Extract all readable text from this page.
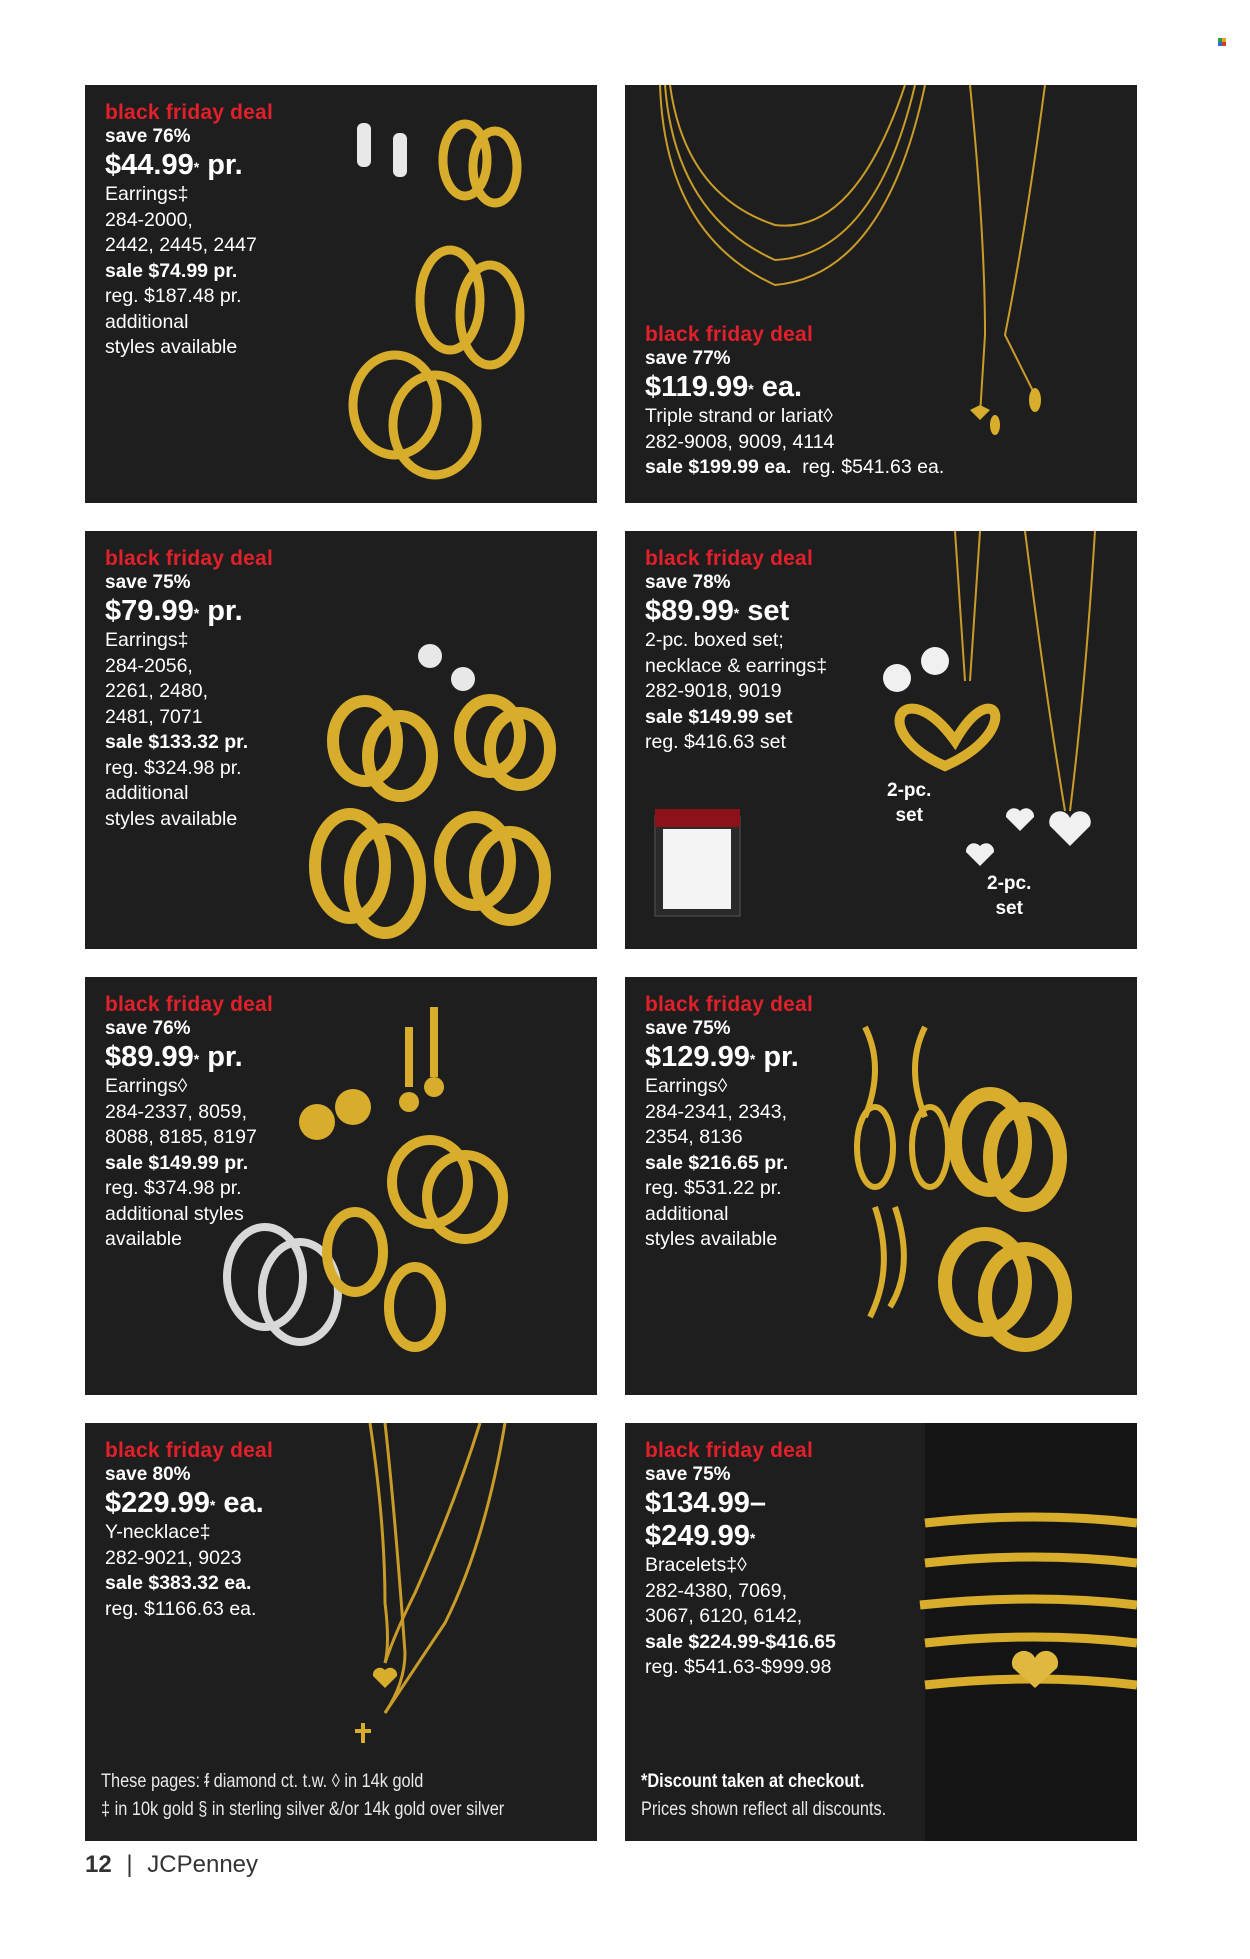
black friday deal
save 76%
$44.99* pr.
Earrings‡
284-2000,
2442, 2445, 2447
sale $74.99 pr.
reg. $187.48 pr.
additional
styles available
black friday deal
save 77%
$119.99* ea.
Triple strand or lariat◊
282-9008, 9009, 4114
sale $199.99 ea. reg. $541.63 ea.
black friday deal
save 75%
$79.99* pr.
Earrings‡
284-2056,
2261, 2480,
2481, 7071
sale $133.32 pr.
reg. $324.98 pr.
additional
styles available
black friday deal
save 78%
$89.99* set
2-pc. boxed set;
necklace & earrings‡
282-9018, 9019
sale $149.99 set
reg. $416.63 set
2-pc.
set
2-pc.
set
black friday deal
save 76%
$89.99* pr.
Earrings◊
284-2337, 8059,
8088, 8185, 8197
sale $149.99 pr.
reg. $374.98 pr.
additional styles
available
black friday deal
save 75%
$129.99* pr.
Earrings◊
284-2341, 2343,
2354, 8136
sale $216.65 pr.
reg. $531.22 pr.
additional
styles available
black friday deal
save 80%
$229.99* ea.
Y-necklace‡
282-9021, 9023
sale $383.32 ea.
reg. $1166.63 ea.
These pages: ᵮ diamond ct. t.w. ◊ in 14k gold
‡ in 10k gold § in sterling silver &/or 14k gold over silver
black friday deal
save 75%
$134.99–
$249.99*
Bracelets‡◊
282-4380, 7069,
3067, 6120, 6142,
sale $224.99-$416.65
reg. $541.63-$999.98
*Discount taken at checkout.
Prices shown reflect all discounts.
12 | JCPenney
